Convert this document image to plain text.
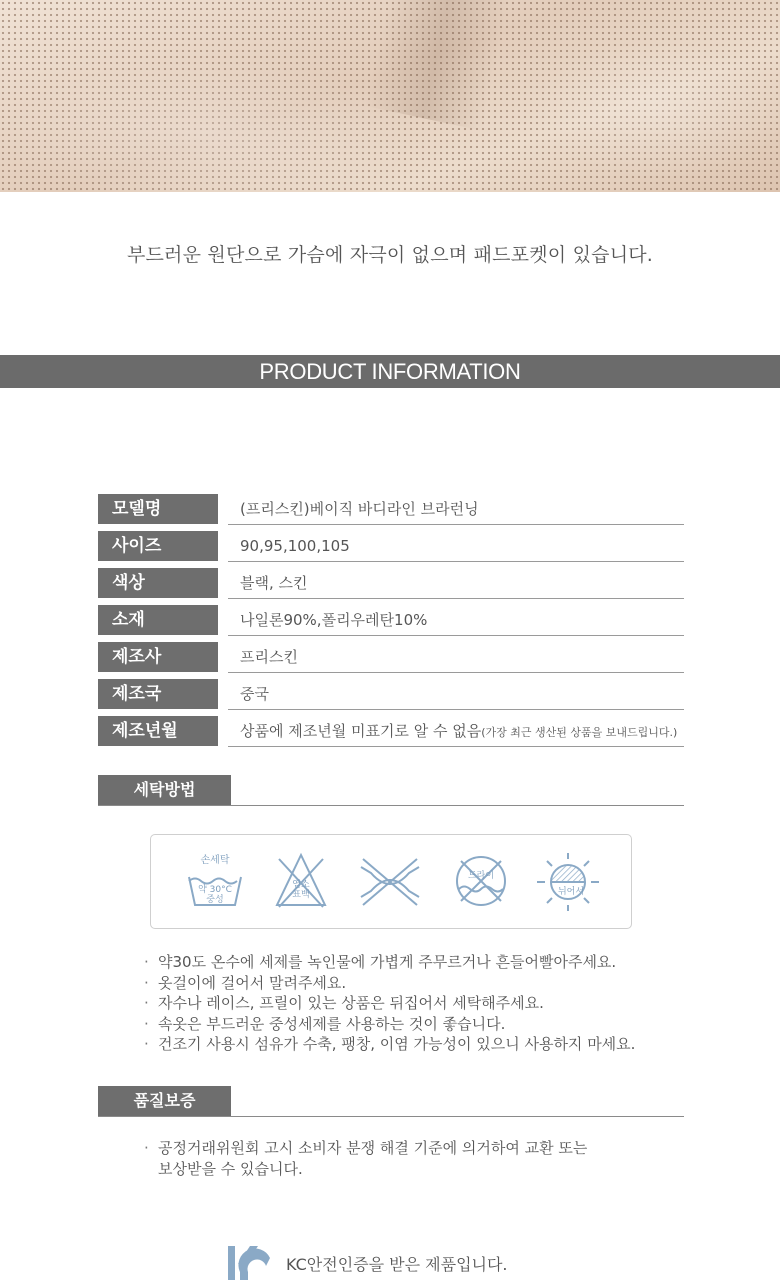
부드러운 원단으로 가슴에 자극이 없으며 패드포켓이 있습니다.
PRODUCT INFORMATION
모델명	(프리스킨)베이직 바디라인 브라런닝
사이즈	90,95,100,105
색상	블랙, 스킨
소재	나일론90%,폴리우레탄10%
제조사	프리스킨
제조국	중국
제조년월	상품에 제조년월 미표기로 알 수 없음(가장 최근 생산된 상품을 보내드립니다.)
세탁방법
손세탁
약 30°C
중성
염소
표백
드라이
뉘어서
· 약30도 온수에 세제를 녹인물에 가볍게 주무르거나 흔들어빨아주세요.
· 옷걸이에 걸어서 말려주세요.
· 자수나 레이스, 프릴이 있는 상품은 뒤집어서 세탁해주세요.
· 속옷은 부드러운 중성세제를 사용하는 것이 좋습니다.
· 건조기 사용시 섬유가 수축, 팽창, 이염 가능성이 있으니 사용하지 마세요.
품질보증
· 공정거래위원회 고시 소비자 분쟁 해결 기준에 의거하여 교환 또는
보상받을 수 있습니다.
KC안전인증을 받은 제품입니다.
